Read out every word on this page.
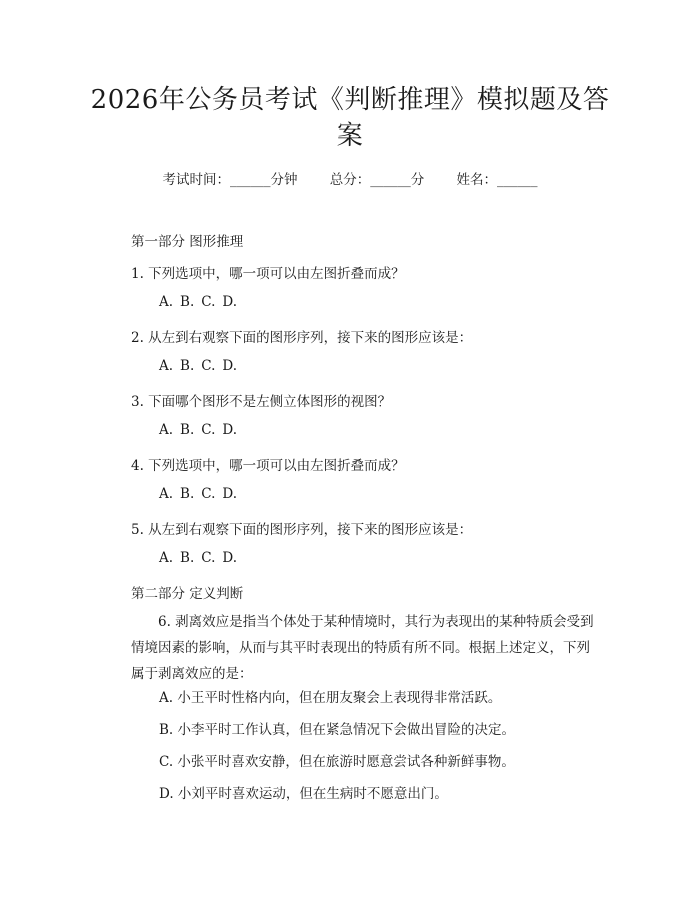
2026年公务员考试《判断推理》模拟题及答案
考试时间：______分钟 总分：______分 姓名：______
第一部分 图形推理
1. 下列选项中，哪一项可以由左图折叠而成？
A. B. C. D.
2. 从左到右观察下面的图形序列，接下来的图形应该是：
A. B. C. D.
3. 下面哪个图形不是左侧立体图形的视图？
A. B. C. D.
4. 下列选项中，哪一项可以由左图折叠而成？
A. B. C. D.
5. 从左到右观察下面的图形序列，接下来的图形应该是：
A. B. C. D.
第二部分 定义判断
6. 剥离效应是指当个体处于某种情境时，其行为表现出的某种特质会受到情境因素的影响，从而与其平时表现出的特质有所不同。根据上述定义，下列属于剥离效应的是：
A. 小王平时性格内向，但在朋友聚会上表现得非常活跃。
B. 小李平时工作认真，但在紧急情况下会做出冒险的决定。
C. 小张平时喜欢安静，但在旅游时愿意尝试各种新鲜事物。
D. 小刘平时喜欢运动，但在生病时不愿意出门。
